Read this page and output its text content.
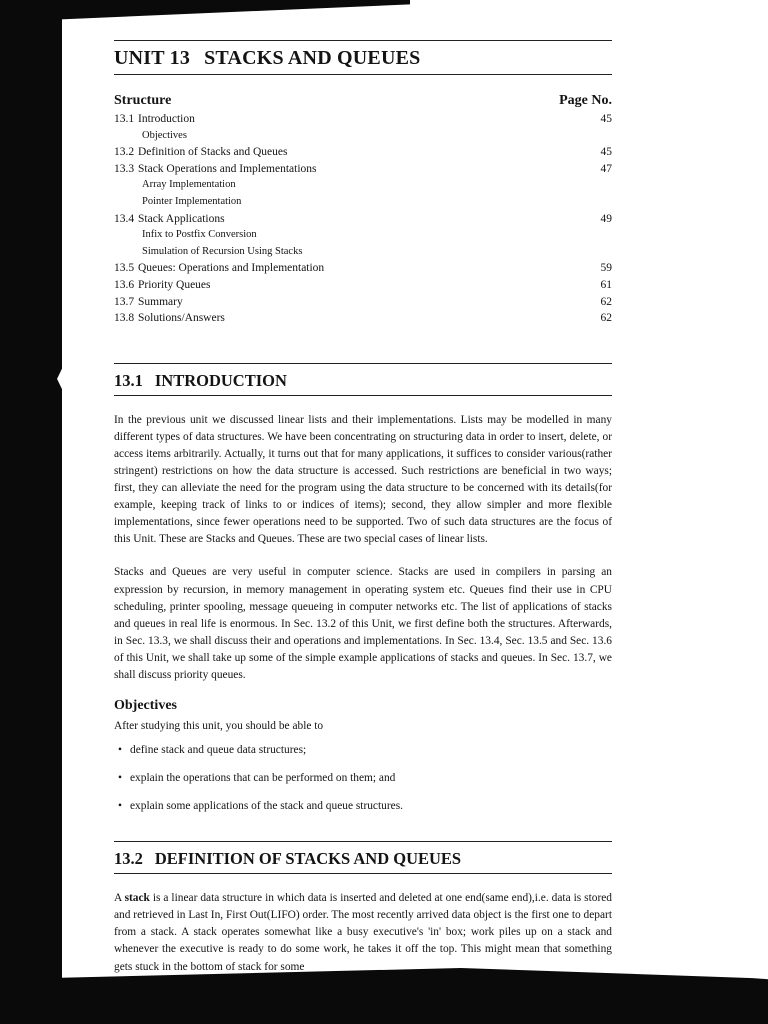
UNIT 13 STACKS AND QUEUES
Structure	Page No.
13.1 Introduction	45
Objectives
13.2 Definition of Stacks and Queues	45
13.3 Stack Operations and Implementations	47
Array Implementation
Pointer Implementation
13.4 Stack Applications	49
Infix to Postfix Conversion
Simulation of Recursion Using Stacks
13.5 Queues: Operations and Implementation	59
13.6 Priority Queues	61
13.7 Summary	62
13.8 Solutions/Answers	62
13.1 INTRODUCTION

In the previous unit we discussed linear lists and their implementations. Lists may be modelled in many different types of data structures. We have been concentrating on structuring data in order to insert, delete, or access items arbitrarily. Actually, it turns out that for many applications, it suffices to consider various(rather stringent) restrictions on how the data structure is accessed. Such restrictions are beneficial in two ways; first, they can alleviate the need for the program using the data structure to be concerned with its details(for example, keeping track of links to or indices of items); second, they allow simpler and more flexible implementations, since fewer operations need to be supported. Two of such data structures are the focus of this Unit. These are Stacks and Queues. These are two special cases of linear lists.

Stacks and Queues are very useful in computer science. Stacks are used in compilers in parsing an expression by recursion, in memory management in operating system etc. Queues find their use in CPU scheduling, printer spooling, message queueing in computer networks etc. The list of applications of stacks and queues in real life is enormous. In Sec. 13.2 of this Unit, we first define both the structures. Afterwards, in Sec. 13.3, we shall discuss their and operations and implementations. In Sec. 13.4, Sec. 13.5 and Sec. 13.6 of this Unit, we shall take up some of the simple example applications of stacks and queues. In Sec. 13.7, we shall discuss priority queues.

Objectives
After studying this unit, you should be able to
• define stack and queue data structures;
• explain the operations that can be performed on them; and
• explain some applications of the stack and queue structures.
13.2 DEFINITION OF STACKS AND QUEUES

A stack is a linear data structure in which data is inserted and deleted at one end(same end),i.e. data is stored and retrieved in Last In, First Out(LIFO) order. The most recently arrived data object is the first one to depart from a stack. A stack operates somewhat like a busy executive's 'in' box; work piles up on a stack and whenever the executive is ready to do some work, he takes it off the top. This might mean that something gets stuck in the bottom of stack for some
